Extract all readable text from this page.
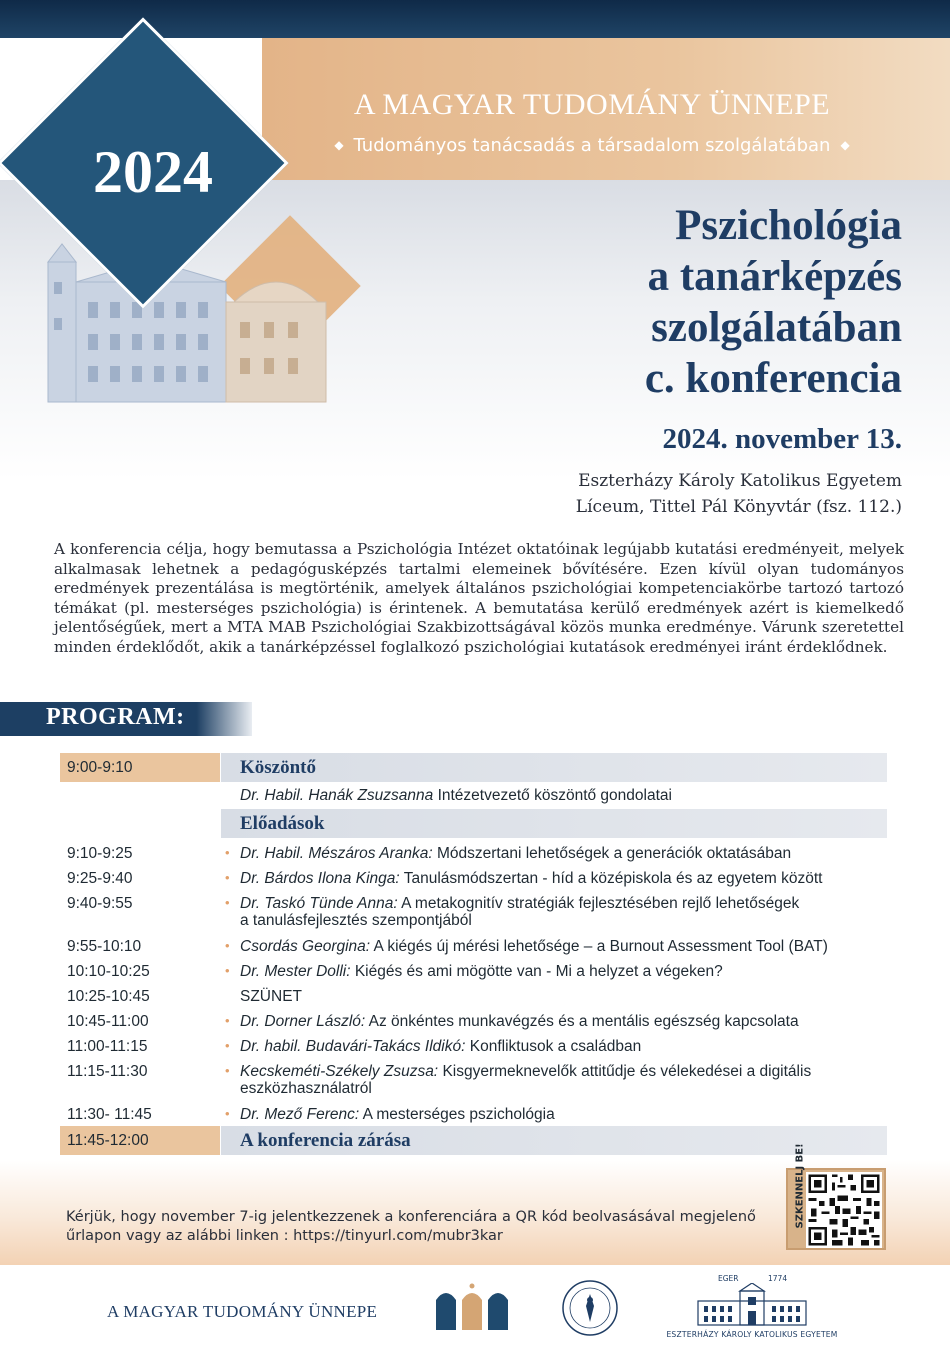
2024
A MAGYAR TUDOMÁNY ÜNNEPE
◆ Tudományos tanácsadás a társadalom szolgálatában ◆
Pszichológia
a tanárképzés
szolgálatában
c. konferencia
2024. november 13.
Eszterházy Károly Katolikus Egyetem
Líceum, Tittel Pál Könyvtár (fsz. 112.)
A konferencia célja, hogy bemutassa a Pszichológia Intézet oktatóinak legújabb kutatási eredményeit, melyek alkalmasak lehetnek a pedagógusképzés tartalmi elemeinek bővítésére. Ezen kívül olyan tudományos eredmények prezentálása is megtörténik, amelyek általános pszichológiai kompetenciakörbe tartozó tartozó témákat (pl. mesterséges pszichológia) is érintenek. A bemutatása kerülő eredmények azért is kiemelkedő jelentőségűek, mert a MTA MAB Pszichológiai Szakbizottságával közös munka eredménye. Várunk szeretettel minden érdeklődőt, akik a tanárképzéssel foglalkozó pszichológiai kutatások eredményei iránt érdeklődnek.
PROGRAM:
9:00-9:10	Köszöntő
Dr. Habil. Hanák Zsuzsanna Intézetvezető köszöntő gondolatai
Előadások
9:10-9:25	• Dr. Habil. Mészáros Aranka: Módszertani lehetőségek a generációk oktatásában
9:25-9:40	• Dr. Bárdos Ilona Kinga: Tanulásmódszertan - híd a középiskola és az egyetem között
9:40-9:55	• Dr. Taskó Tünde Anna: A metakognitív stratégiák fejlesztésében rejlő lehetőségek
a tanulásfejlesztés szempontjából
9:55-10:10	• Csordás Georgina: A kiégés új mérési lehetősége – a Burnout Assessment Tool (BAT)
10:10-10:25	• Dr. Mester Dolli: Kiégés és ami mögötte van - Mi a helyzet a végeken?
10:25-10:45	SZÜNET
10:45-11:00	• Dr. Dorner László: Az önkéntes munkavégzés és a mentális egészség kapcsolata
11:00-11:15	• Dr. habil. Budavári-Takács Ildikó: Konfliktusok a családban
11:15-11:30	• Kecskeméti-Székely Zsuzsa: Kisgyermeknevelők attitűdje és vélekedései a digitális
eszközhasználatról
11:30- 11:45	• Dr. Mező Ferenc: A mesterséges pszichológia
11:45-12:00	A konferencia zárása
Kérjük, hogy november 7-ig jelentkezzenek a konferenciára a QR kód beolvasásával megjelenő
űrlapon vagy az alábbi linken : https://tinyurl.com/mubr3kar
A MAGYAR TUDOMÁNY ÜNNEPE
EGER	1774
ESZTERHÁZY KÁROLY KATOLIKUS EGYETEM
